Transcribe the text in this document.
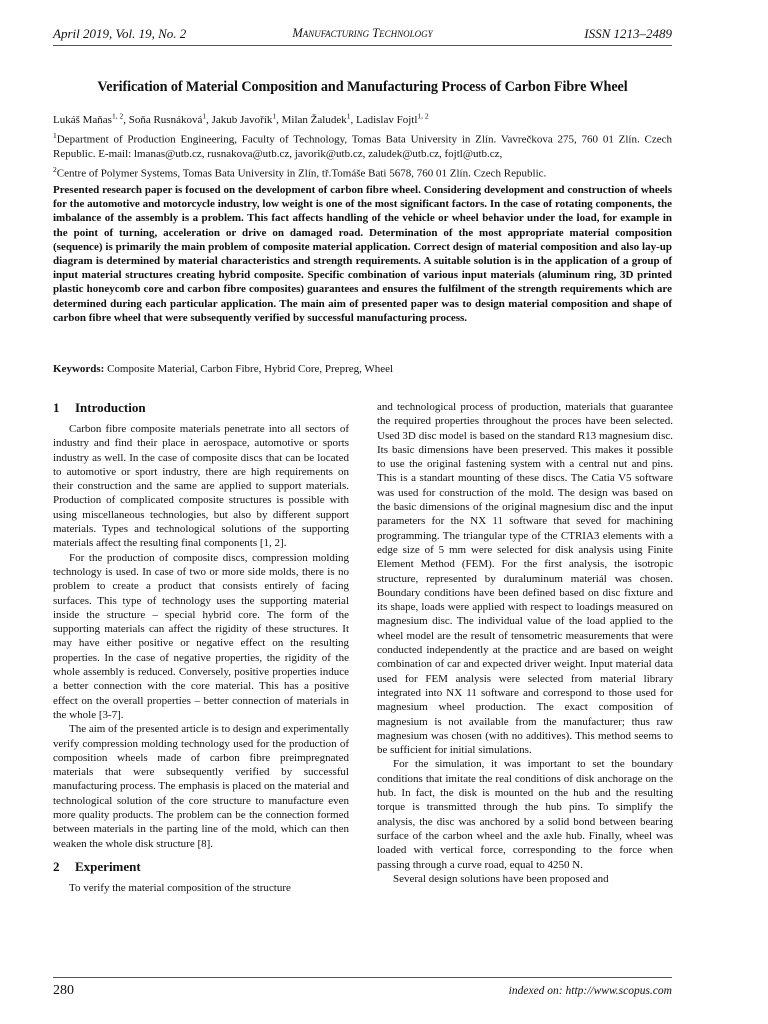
April 2019, Vol. 19, No. 2	Manufacturing Technology	ISSN 1213–2489
Verification of Material Composition and Manufacturing Process of Carbon Fibre Wheel
Lukáš Maňas$^{1, 2}$, Soňa Rusnáková$^1$, Jakub Javořík$^1$, Milan Žaludek$^1$, Ladislav Fojtl$^{1, 2}$
$^1$Department of Production Engineering, Faculty of Technology, Tomas Bata University in Zlín. Vavrečkova 275, 760 01 Zlín. Czech Republic. E-mail: lmanas@utb.cz, rusnakova@utb.cz, javorik@utb.cz, zaludek@utb.cz, fojtl@utb.cz,
$^2$Centre of Polymer Systems, Tomas Bata University in Zlín, tř.Tomáše Bati 5678, 760 01 Zlín. Czech Republic.
Presented research paper is focused on the development of carbon fibre wheel. Considering development and construction of wheels for the automotive and motorcycle industry, low weight is one of the most significant factors. In the case of rotating components, the imbalance of the assembly is a problem. This fact affects handling of the vehicle or wheel behavior under the load, for example in the point of turning, acceleration or drive on damaged road. Determination of the most appropriate material composition (sequence) is primarily the main problem of composite material application. Correct design of material composition and also lay-up diagram is determined by material characteristics and strength requirements. A suitable solution is in the application of a group of input material structures creating hybrid composite. Specific combination of various input materials (aluminum ring, 3D printed plastic honeycomb core and carbon fibre composites) guarantees and ensures the fulfilment of the strength requirements which are determined during each particular application. The main aim of presented paper was to design material composition and shape of carbon fibre wheel that were subsequently verified by successful manufacturing process.
Keywords: Composite Material, Carbon Fibre, Hybrid Core, Prepreg, Wheel
1 Introduction

Carbon fibre composite materials penetrate into all sectors of industry and find their place in aerospace, automotive or sports industry as well. In the case of composite discs that can be located to automotive or sport industry, there are high requirements on their construction and the same are applied to support materials. Production of complicated composite structures is possible with using miscellaneous technologies, but also by different support materials. Types and technological solutions of the supporting materials affect the resulting final components [1, 2].

For the production of composite discs, compression molding technology is used. In case of two or more side molds, there is no problem to create a product that consists entirely of facing surfaces. This type of technology uses the supporting material inside the structure – special hybrid core. The form of the supporting materials can affect the rigidity of these structures. It may have either positive or negative effect on the resulting properties. In the case of negative properties, the rigidity of the whole assembly is reduced. Conversely, positive properties induce a better connection with the core material. This has a positive effect on the overall properties – better connection of materials in the whole [3-7].

The aim of the presented article is to design and experimentally verify compression molding technology used for the production of composition wheels made of carbon fibre preimpregnated materials that were subsequently verified by successful manufacturing process. The emphasis is placed on the material and technological solution of the core structure to manufacture even more quality products. The problem can be the connection formed between materials in the parting line of the mold, which can then weaken the whole disk structure [8].

2 Experiment

To verify the material composition of the structure

and technological process of production, materials that guarantee the required properties throughout the proces have been selected. Used 3D disc model is based on the standard R13 magnesium disc. Its basic dimensions have been preserved. This makes it possible to use the original fastening system with a central nut and pins. This is a standart mounting of these discs. The Catia V5 software was used for construction of the mold. The design was based on the basic dimensions of the original magnesium disc and the input parameters for the NX 11 software that seved for machining programming. The triangular type of the CTRIA3 elements with a edge size of 5 mm were selected for disk analysis using Finite Element Method (FEM). For the first analysis, the isotropic structure, represented by duraluminum materiál was chosen. Boundary conditions have been defined based on disc fixture and its shape, loads were applied with respect to loadings measured on magnesium disc. The individual value of the load applied to the wheel model are the result of tensometric measurements that were conducted independently at the practice and are based on weight combination of car and expected driver weight. Input material data used for FEM analysis were selected from material library integrated into NX 11 software and correspond to those used for magnesium wheel production. The exact composition of magnesium is not available from the manufacturer; thus raw magnesium was chosen (with no additives). This method seems to be sufficient for initial simulations.

For the simulation, it was important to set the boundary conditions that imitate the real conditions of disk anchorage on the hub. In fact, the disk is mounted on the hub and the resulting torque is transmitted through the hub pins. To simplify the analysis, the disc was anchored by a solid bond between bearing surface of the carbon wheel and the axle hub. Finally, wheel was loaded with vertical force, corresponding to the force when passing through a curve road, equal to 4250 N.

Several design solutions have been proposed and

280	indexed on: http://www.scopus.com
